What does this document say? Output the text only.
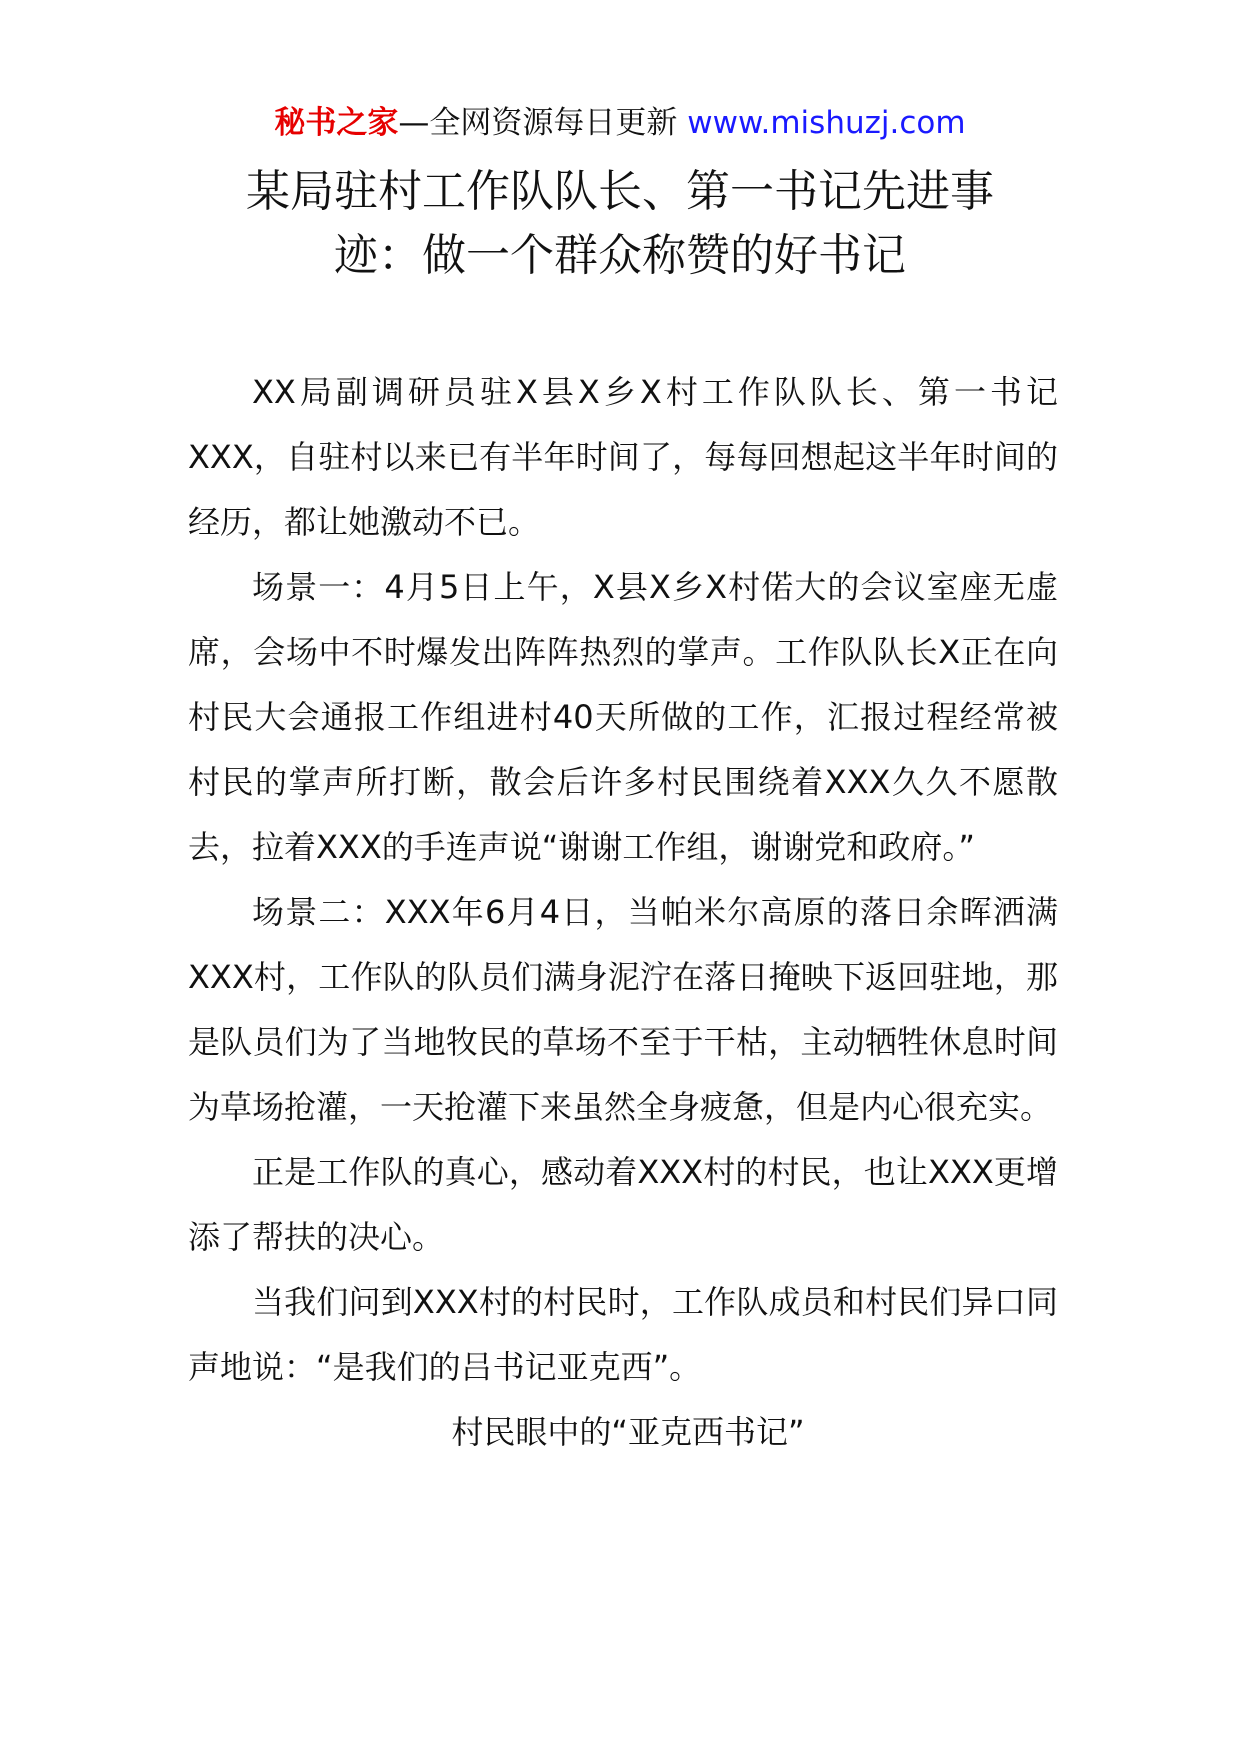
秘书之家—全网资源每日更新 www.mishuzj.com
某局驻村工作队队长、第一书记先进事
迹：做一个群众称赞的好书记

XX局副调研员驻X县X乡X村工作队队长、第一书记XXX，自驻村以来已有半年时间了，每每回想起这半年时间的经历，都让她激动不已。

场景一：4月5日上午，X县X乡X村偌大的会议室座无虚席，会场中不时爆发出阵阵热烈的掌声。工作队队长X正在向村民大会通报工作组进村40天所做的工作，汇报过程经常被村民的掌声所打断，散会后许多村民围绕着XXX久久不愿散去，拉着XXX的手连声说“谢谢工作组，谢谢党和政府。”

场景二：XXX年6月4日，当帕米尔高原的落日余晖洒满XXX村，工作队的队员们满身泥泞在落日掩映下返回驻地，那是队员们为了当地牧民的草场不至于干枯，主动牺牲休息时间为草场抢灌，一天抢灌下来虽然全身疲惫，但是内心很充实。

正是工作队的真心，感动着XXX村的村民，也让XXX更增添了帮扶的决心。

当我们问到XXX村的村民时，工作队成员和村民们异口同声地说：“是我们的吕书记亚克西”。

村民眼中的“亚克西书记”
